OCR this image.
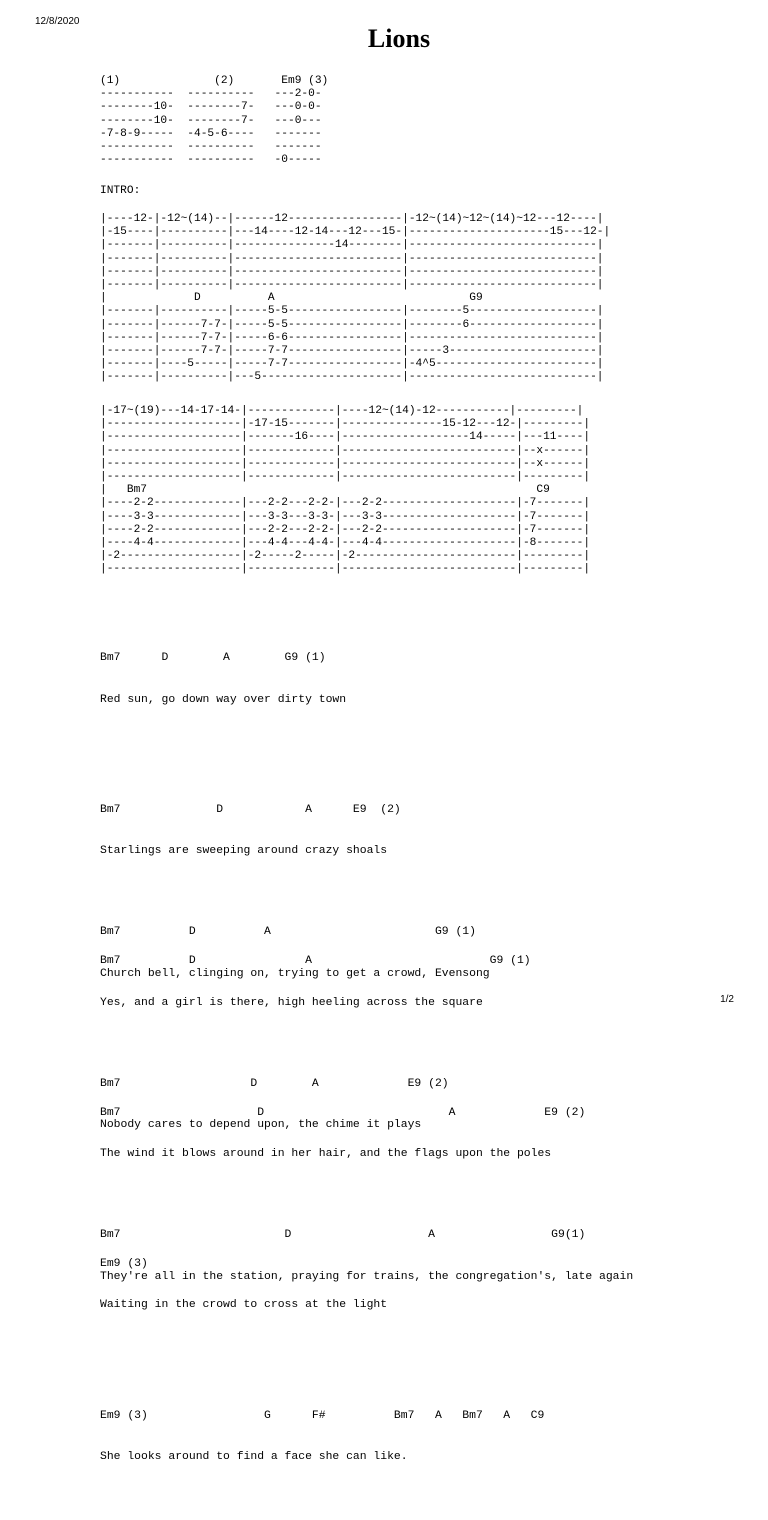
12/8/2020
Lions
(1)              (2)       Em9 (3)
-----------  ----------   ---2-0-
--------10-  --------7-   ---0-0-
--------10-  --------7-   ---0---
-7-8-9-----  -4-5-6----   -------
-----------  ----------   -------
-----------  ----------   -0-----
INTRO:
|----12-|-12~(14)--|------12-----------------|-12~(14)~12~(14)~12---12----|
|-15----|----------|---14----12-14---12---15-|---------------------15---12-|
|-------|----------|---------------14--------|----------------------------|
|-------|----------|-------------------------|----------------------------|
|-------|----------|-------------------------|----------------------------|
|-------|----------|-------------------------|----------------------------|
|             D          A                             G9
|-------|----------|-----5-5-----------------|--------5-------------------|
|-------|------7-7-|-----5-5-----------------|--------6-------------------|
|-------|------7-7-|-----6-6-----------------|----------------------------|
|-------|------7-7-|-----7-7-----------------|-----3----------------------|
|-------|----5-----|-----7-7-----------------|-4^5------------------------|
|-------|----------|---5---------------------|----------------------------|
|-17~(19)---14-17-14-|-------------|----12~(14)-12-----------|---------|
|--------------------|-17-15-------|---------------15-12---12-|---------|
|--------------------|-------16----|-------------------14-----|---11----|
|--------------------|-------------|--------------------------|--x------|
|--------------------|-------------|--------------------------|--x------|
|--------------------|-------------|--------------------------|---------|
|   Bm7                                                          C9
|----2-2-------------|---2-2---2-2-|---2-2--------------------|-7-------|
|----3-3-------------|---3-3---3-3-|---3-3--------------------|-7-------|
|----2-2-------------|---2-2---2-2-|---2-2--------------------|-7-------|
|----4-4-------------|---4-4---4-4-|---4-4--------------------|-8-------|
|-2------------------|-2-----2-----|-2------------------------|---------|
|--------------------|-------------|--------------------------|---------|

Bm7      D        A        G9 (1)

Red sun, go down way over dirty town

Bm7              D            A      E9  (2)

Starlings are sweeping around crazy shoals

Bm7          D                A                          G9 (1)

Yes, and a girl is there, high heeling across the square

Bm7                    D                           A             E9 (2)

The wind it blows around in her hair, and the flags upon the poles

Em9 (3)

Waiting in the crowd to cross at the light

Em9 (3)                 G      F#          Bm7   A   Bm7   A   C9

She looks around to find a face she can like.

Bm7          D          A                        G9 (1)

Church bell, clinging on, trying to get a crowd, Evensong

Bm7                   D        A             E9 (2)

Nobody cares to depend upon, the chime it plays

Bm7                        D                    A                 G9(1)

They're all in the station, praying for trains, the congregation's, late again

1/2
